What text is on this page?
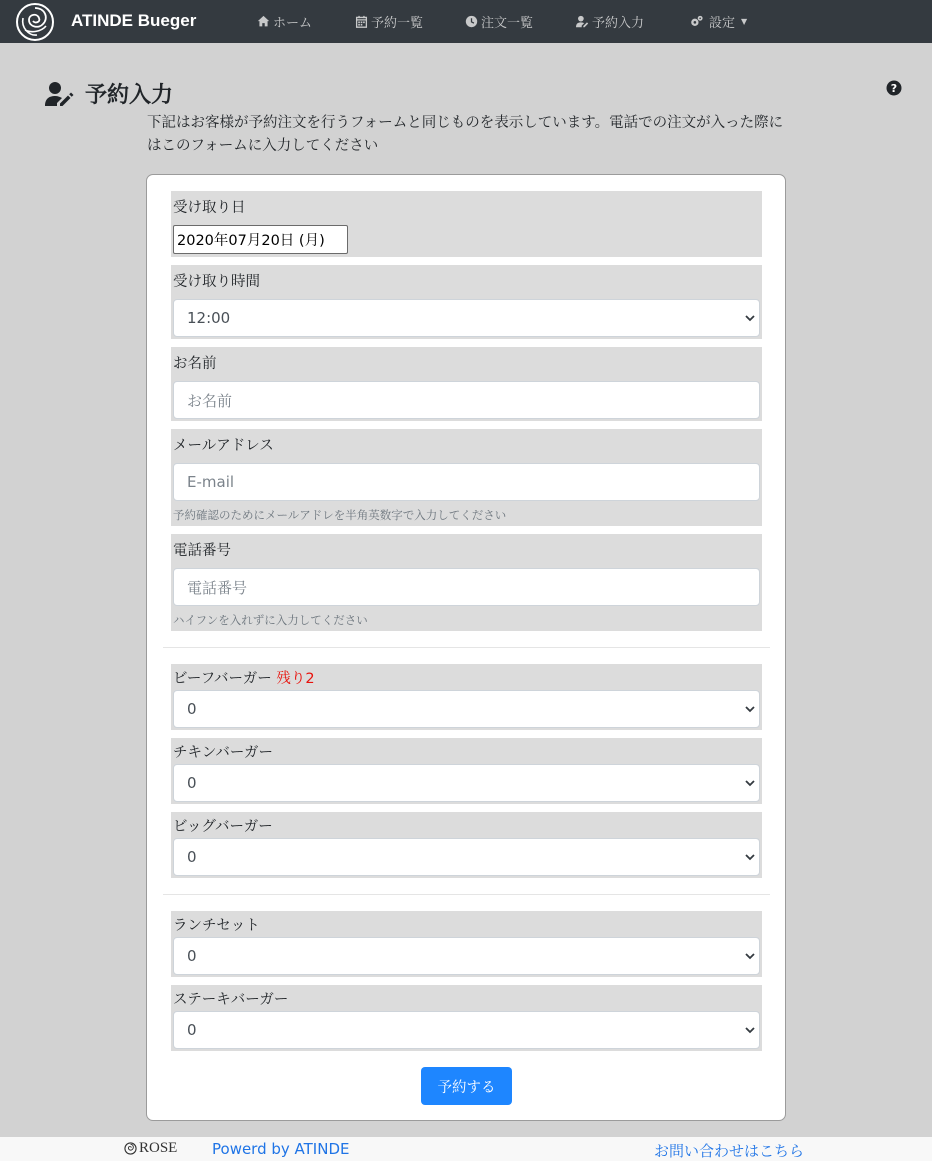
ATINDE Bueger	ホーム	予約一覧	注文一覧	予約入力	設定 ▼
予約入力	?

下記はお客様が予約注文を行うフォームと同じものを表示しています。電話での注文が入った際にはこのフォームに入力してください

受け取り日
2020年07月20日 (月)
受け取り時間
12:00
お名前
お名前
メールアドレス
E-mail
予約確認のためにメールアドレを半角英数字で入力してください
電話番号
電話番号
ハイフンを入れずに入力してください
ビーフバーガー 残り2
0
チキンバーガー
0
ビッグバーガー
0
ランチセット
0
ステーキバーガー
0
予約する
ROSE Powerd by ATINDE	お問い合わせはこちら
